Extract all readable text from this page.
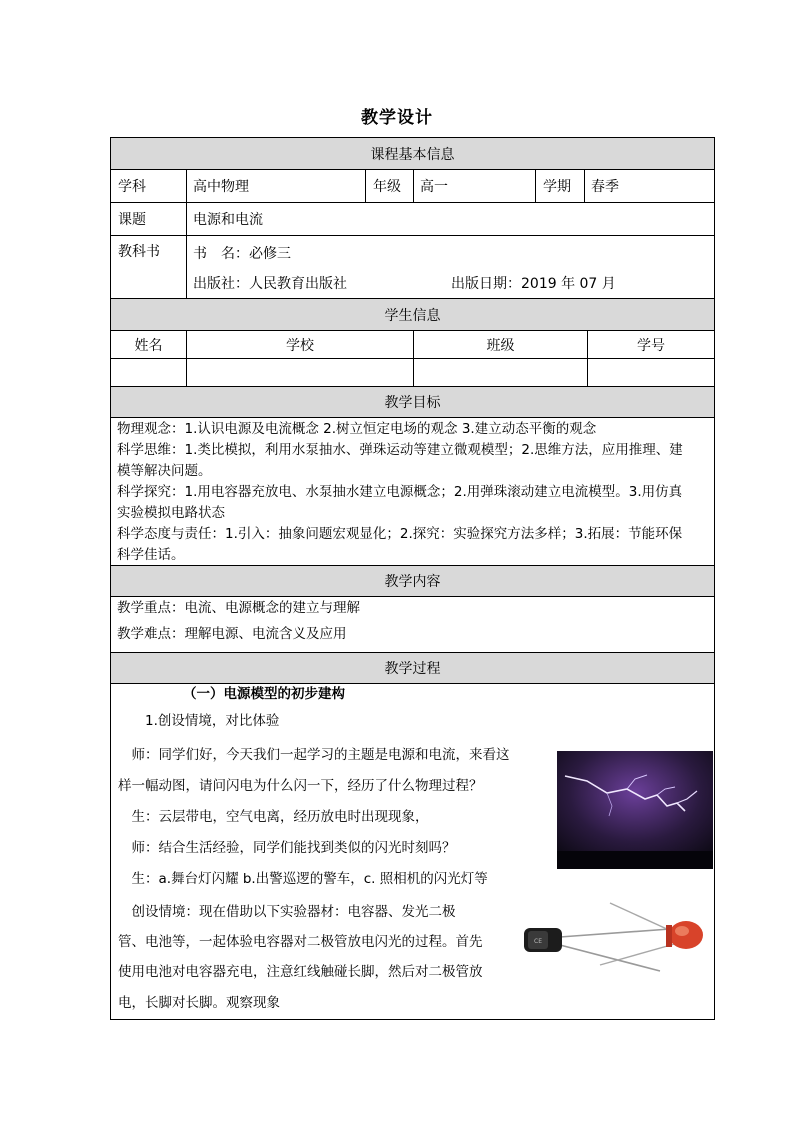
教学设计
课程基本信息
学科	高中物理	年级 高一	学期 春季
课题	电源和电流
教科书 书　名：必修三
出版社：人民教育出版社	出版日期：2019 年 07 月
学生信息
姓名	学校	班级	学号
教学目标
物理观念：1.认识电源及电流概念 2.树立恒定电场的观念 3.建立动态平衡的观念
科学思维：1.类比模拟，利用水泵抽水、弹珠运动等建立微观模型；2.思维方法，应用推理、建
模等解决问题。
科学探究：1.用电容器充放电、水泵抽水建立电源概念；2.用弹珠滚动建立电流模型。3.用仿真
实验模拟电路状态
科学态度与责任：1.引入：抽象问题宏观显化；2.探究：实验探究方法多样；3.拓展：节能环保
科学佳话。
教学内容
教学重点：电流、电源概念的建立与理解
教学难点：理解电源、电流含义及应用
教学过程
（一）电源模型的初步建构
1.创设情境，对比体验
　师：同学们好，今天我们一起学习的主题是电源和电流，来看这
样一幅动图，请问闪电为什么闪一下，经历了什么物理过程？
　生：云层带电，空气电离，经历放电时出现现象，
　师：结合生活经验，同学们能找到类似的闪光时刻吗？
　生：a.舞台灯闪耀 b.出警巡逻的警车，c. 照相机的闪光灯等
　创设情境：现在借助以下实验器材：电容器、发光二极
管、电池等，一起体验电容器对二极管放电闪光的过程。首先
使用电池对电容器充电，注意红线触碰长脚，然后对二极管放
电，长脚对长脚。观察现象
CE
